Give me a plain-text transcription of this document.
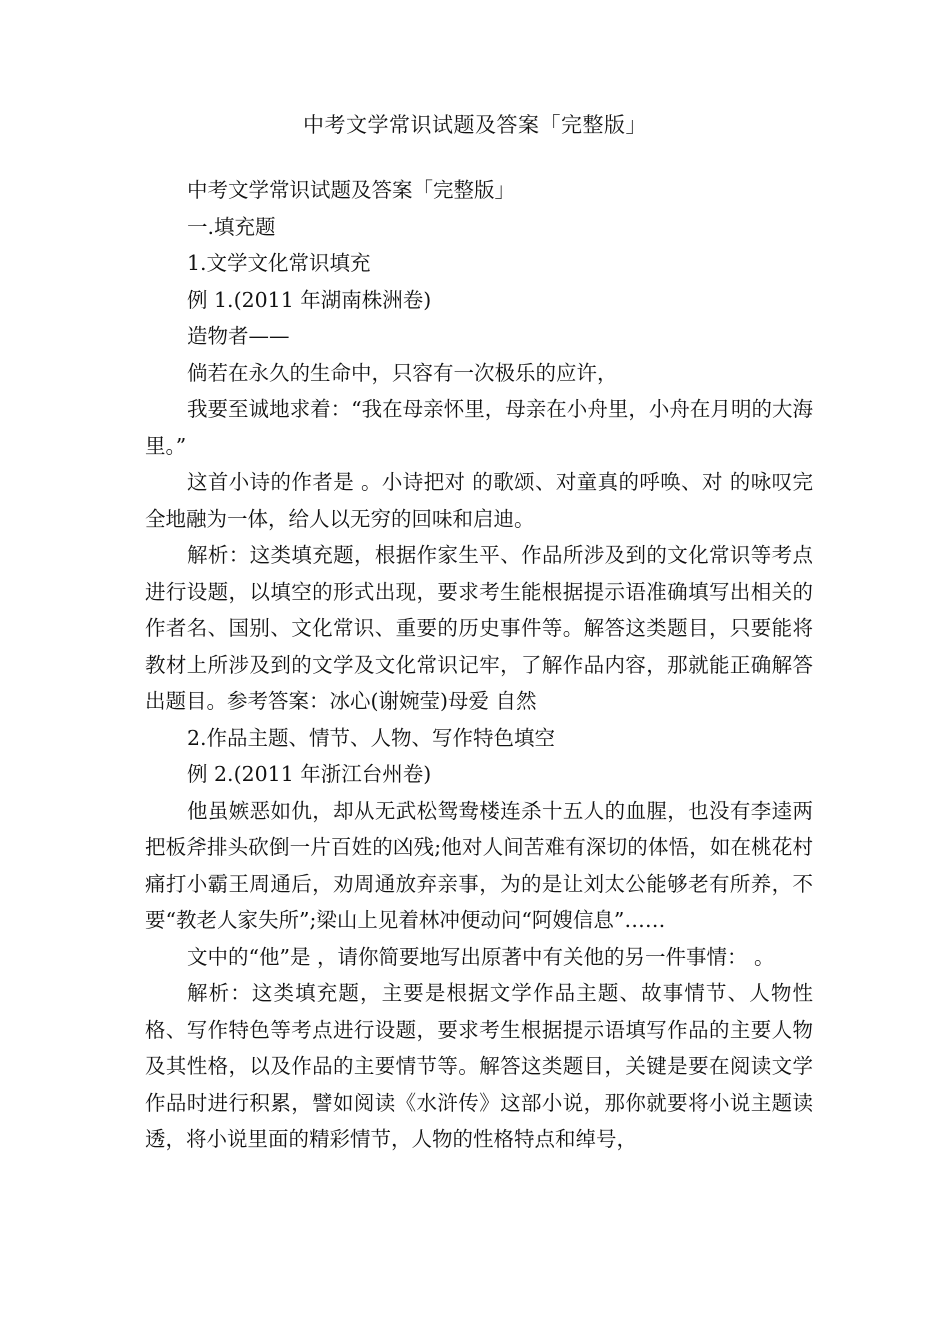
中考文学常识试题及答案「完整版」

中考文学常识试题及答案「完整版」

一.填充题

1.文学文化常识填充

例 1.(2011 年湖南株洲卷)

造物者——

倘若在永久的生命中，只容有一次极乐的应许，

我要至诚地求着：“我在母亲怀里，母亲在小舟里，小舟在月明的大海里。”

这首小诗的作者是 。小诗把对 的歌颂、对童真的呼唤、对 的咏叹完全地融为一体，给人以无穷的回味和启迪。

解析：这类填充题，根据作家生平、作品所涉及到的文化常识等考点进行设题，以填空的形式出现，要求考生能根据提示语准确填写出相关的作者名、国别、文化常识、重要的历史事件等。解答这类题目，只要能将教材上所涉及到的文学及文化常识记牢，了解作品内容，那就能正确解答出题目。参考答案：冰心(谢婉莹)母爱 自然

2.作品主题、情节、人物、写作特色填空

例 2.(2011 年浙江台州卷)

他虽嫉恶如仇，却从无武松鸳鸯楼连杀十五人的血腥，也没有李逵两把板斧排头砍倒一片百姓的凶残;他对人间苦难有深切的体悟，如在桃花村痛打小霸王周通后，劝周通放弃亲事，为的是让刘太公能够老有所养，不要“教老人家失所”;梁山上见着林冲便动问“阿嫂信息”……

文中的“他”是 ，请你简要地写出原著中有关他的另一件事情： 。

解析：这类填充题，主要是根据文学作品主题、故事情节、人物性格、写作特色等考点进行设题，要求考生根据提示语填写作品的主要人物及其性格，以及作品的主要情节等。解答这类题目，关键是要在阅读文学作品时进行积累，譬如阅读《水浒传》这部小说，那你就要将小说主题读透，将小说里面的精彩情节，人物的性格特点和绰号，
